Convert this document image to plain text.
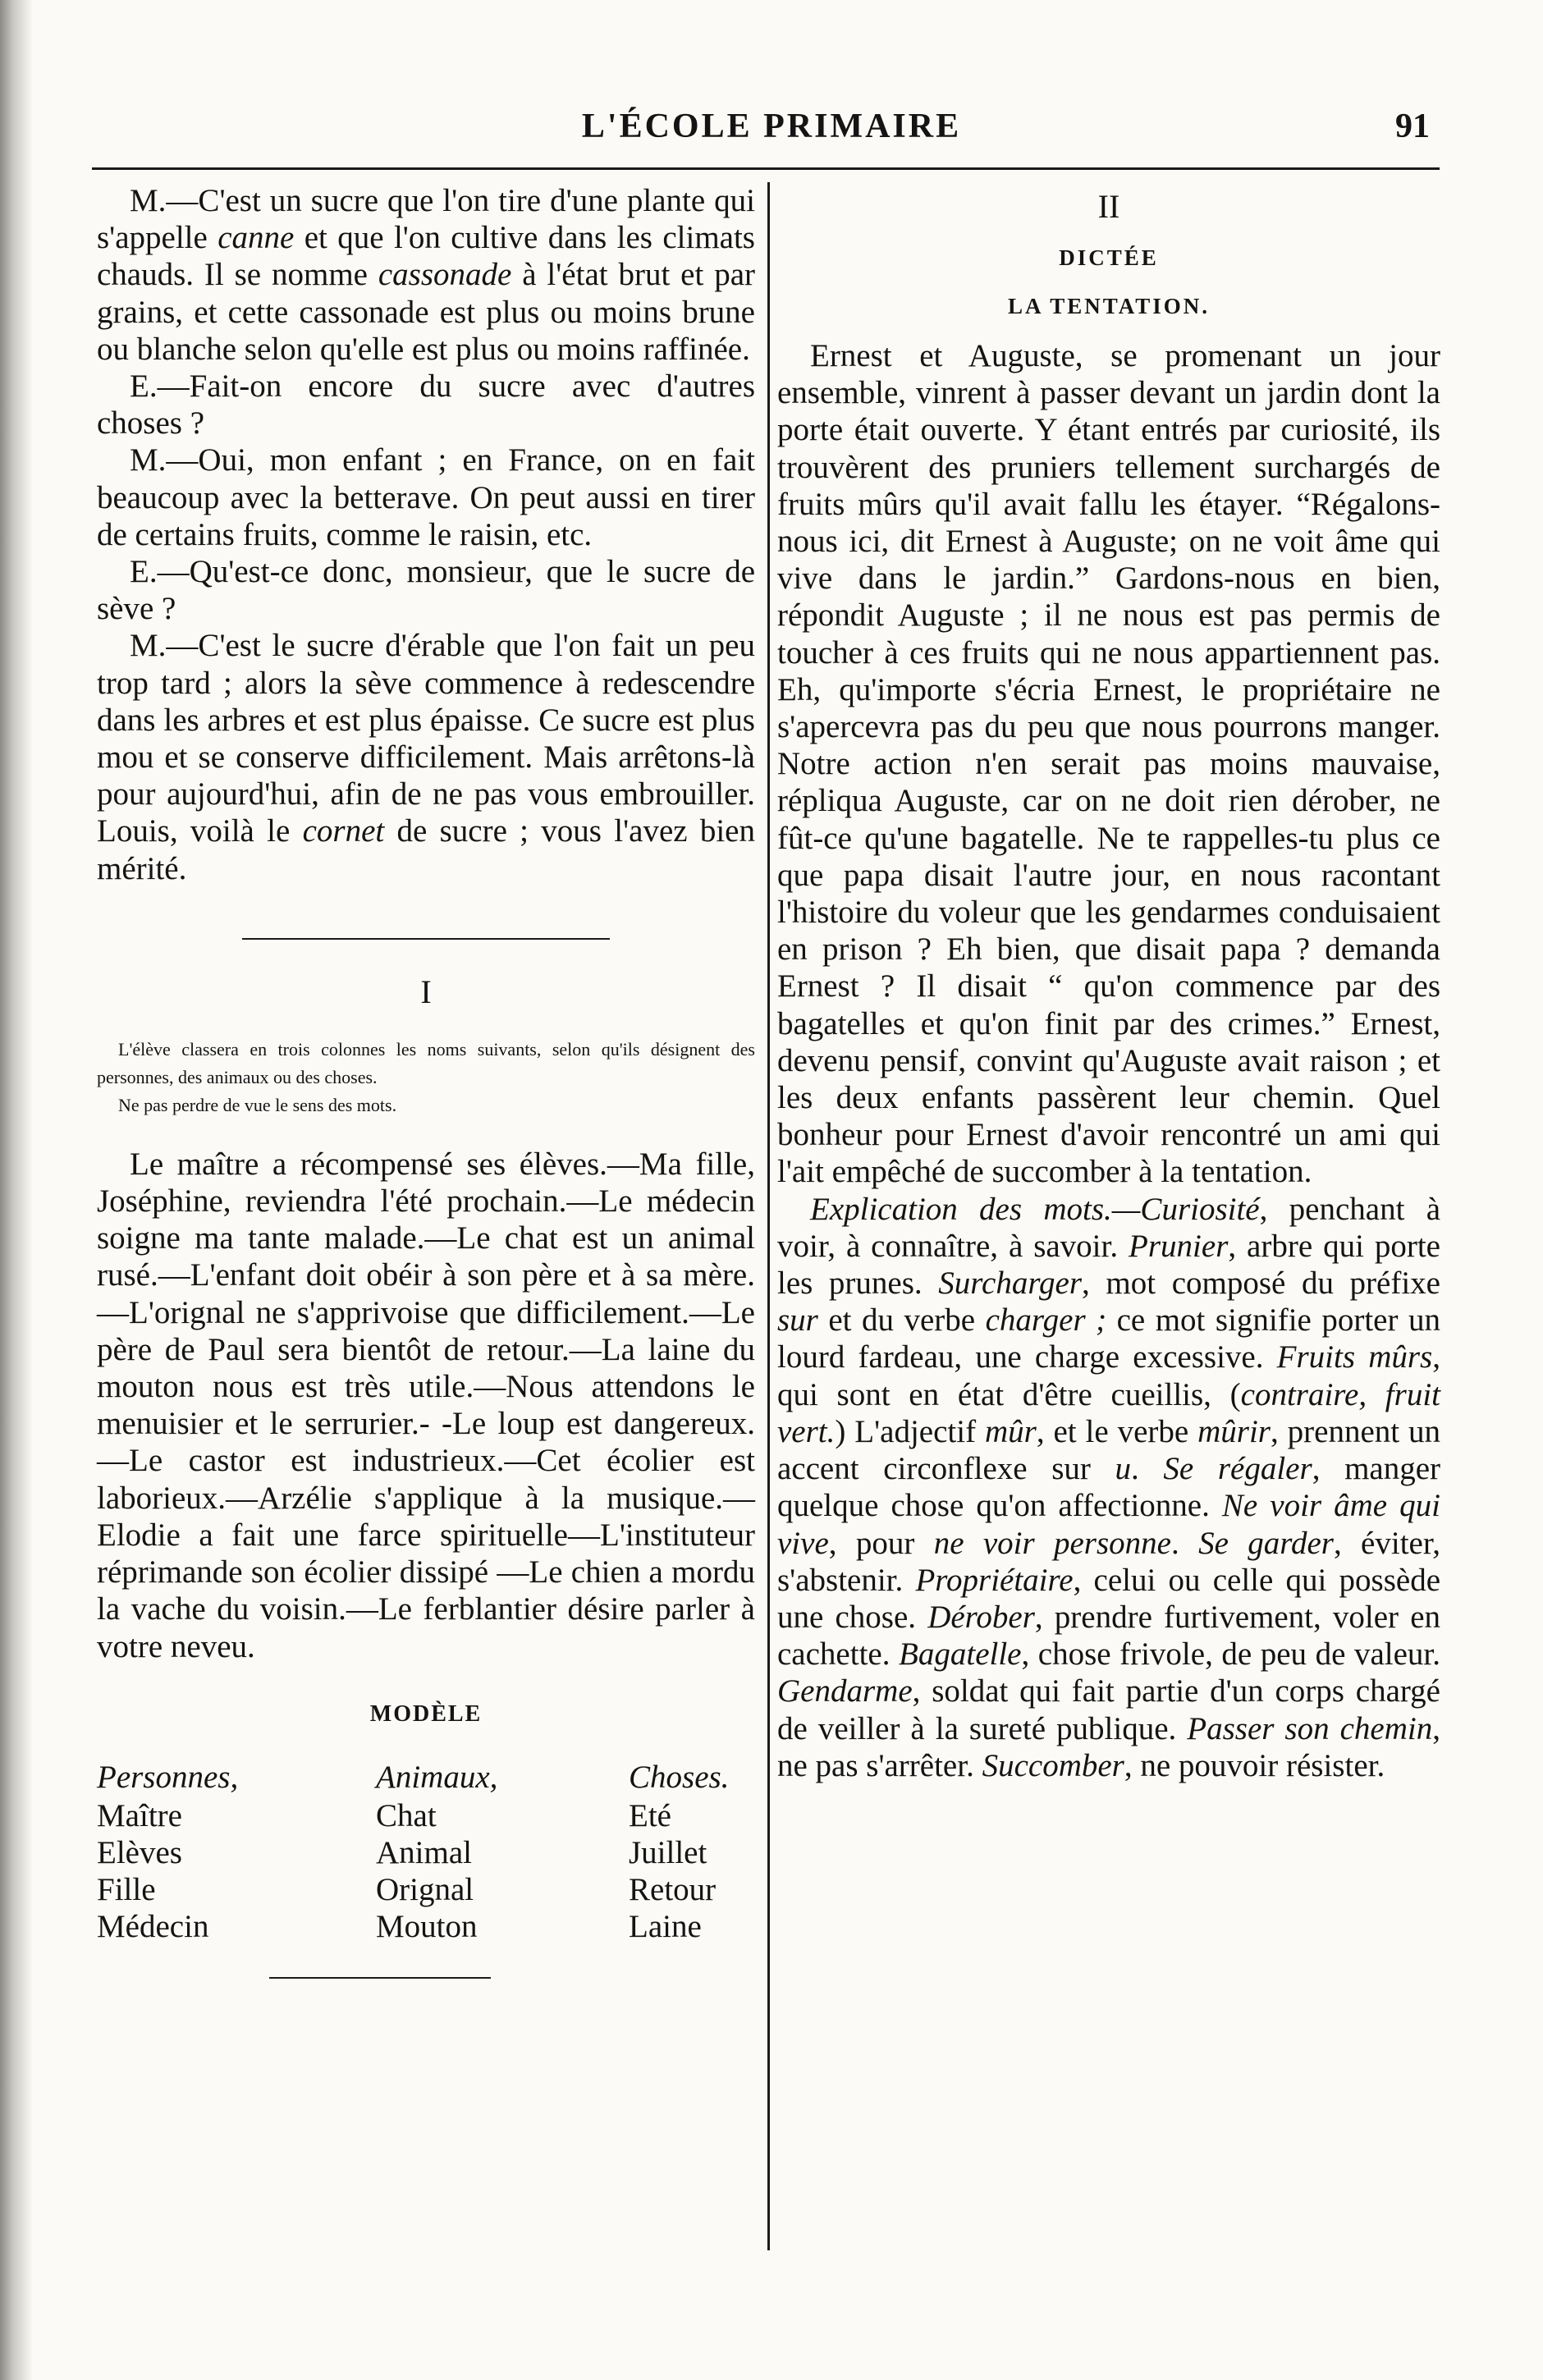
L'ÉCOLE PRIMAIRE	91

M.—C'est un sucre que l'on tire d'une plante qui s'appelle canne et que l'on cultive dans les climats chauds. Il se nomme cassonade à l'état brut et par grains, et cette cassonade est plus ou moins brune ou blanche selon qu'elle est plus ou moins raffinée.

E.—Fait-on encore du sucre avec d'autres choses ?

M.—Oui, mon enfant ; en France, on en fait beaucoup avec la betterave. On peut aussi en tirer de certains fruits, comme le raisin, etc.

E.—Qu'est-ce donc, monsieur, que le sucre de sève ?

M.—C'est le sucre d'érable que l'on fait un peu trop tard ; alors la sève commence à redescendre dans les arbres et est plus épaisse. Ce sucre est plus mou et se conserve difficilement. Mais arrêtons-là pour aujourd'hui, afin de ne pas vous embrouiller. Louis, voilà le cornet de sucre ; vous l'avez bien mérité.

I

L'élève classera en trois colonnes les noms suivants, selon qu'ils désignent des personnes, des animaux ou des choses.

Ne pas perdre de vue le sens des mots.

Le maître a récompensé ses élèves.—Ma fille, Joséphine, reviendra l'été prochain.—Le médecin soigne ma tante malade.—Le chat est un animal rusé.—L'enfant doit obéir à son père et à sa mère.—L'orignal ne s'apprivoise que difficilement.—Le père de Paul sera bientôt de retour.—La laine du mouton nous est très utile.—Nous attendons le menuisier et le serrurier.- -Le loup est dangereux.—Le castor est industrieux.—Cet écolier est laborieux.—Arzélie s'applique à la musique.—Elodie a fait une farce spirituelle—L'instituteur réprimande son écolier dissipé —Le chien a mordu la vache du voisin.—Le ferblantier désire parler à votre neveu.

MODÈLE
Personnes,
Maître
Elèves
Fille
Médecin
Animaux,
Chat
Animal
Orignal
Mouton
Choses.
Eté
Juillet
Retour
Laine
II
DICTÉE
LA TENTATION.

Ernest et Auguste, se promenant un jour ensemble, vinrent à passer devant un jardin dont la porte était ouverte. Y étant entrés par curiosité, ils trouvèrent des pruniers tellement surchargés de fruits mûrs qu'il avait fallu les étayer. “Régalons-nous ici, dit Ernest à Auguste; on ne voit âme qui vive dans le jardin.” Gardons-nous en bien, répondit Auguste ; il ne nous est pas permis de toucher à ces fruits qui ne nous appartiennent pas. Eh, qu'importe s'écria Ernest, le propriétaire ne s'apercevra pas du peu que nous pourrons manger. Notre action n'en serait pas moins mauvaise, répliqua Auguste, car on ne doit rien dérober, ne fût-ce qu'une bagatelle. Ne te rappelles-tu plus ce que papa disait l'autre jour, en nous racontant l'histoire du voleur que les gendarmes conduisaient en prison ? Eh bien, que disait papa ? demanda Ernest ? Il disait “ qu'on commence par des bagatelles et qu'on finit par des crimes.” Ernest, devenu pensif, convint qu'Auguste avait raison ; et les deux enfants passèrent leur chemin. Quel bonheur pour Ernest d'avoir rencontré un ami qui l'ait empêché de succomber à la tentation.

Explication des mots.—Curiosité, penchant à voir, à connaître, à savoir. Prunier, arbre qui porte les prunes. Surcharger, mot composé du préfixe sur et du verbe charger ; ce mot signifie porter un lourd fardeau, une charge excessive. Fruits mûrs, qui sont en état d'être cueillis, (contraire, fruit vert.) L'adjectif mûr, et le verbe mûrir, prennent un accent circonflexe sur u. Se régaler, manger quelque chose qu'on affectionne. Ne voir âme qui vive, pour ne voir personne. Se garder, éviter, s'abstenir. Propriétaire, celui ou celle qui possède une chose. Dérober, prendre furtivement, voler en cachette. Bagatelle, chose frivole, de peu de valeur. Gendarme, soldat qui fait partie d'un corps chargé de veiller à la sureté publique. Passer son chemin, ne pas s'arrêter. Succomber, ne pouvoir résister.
